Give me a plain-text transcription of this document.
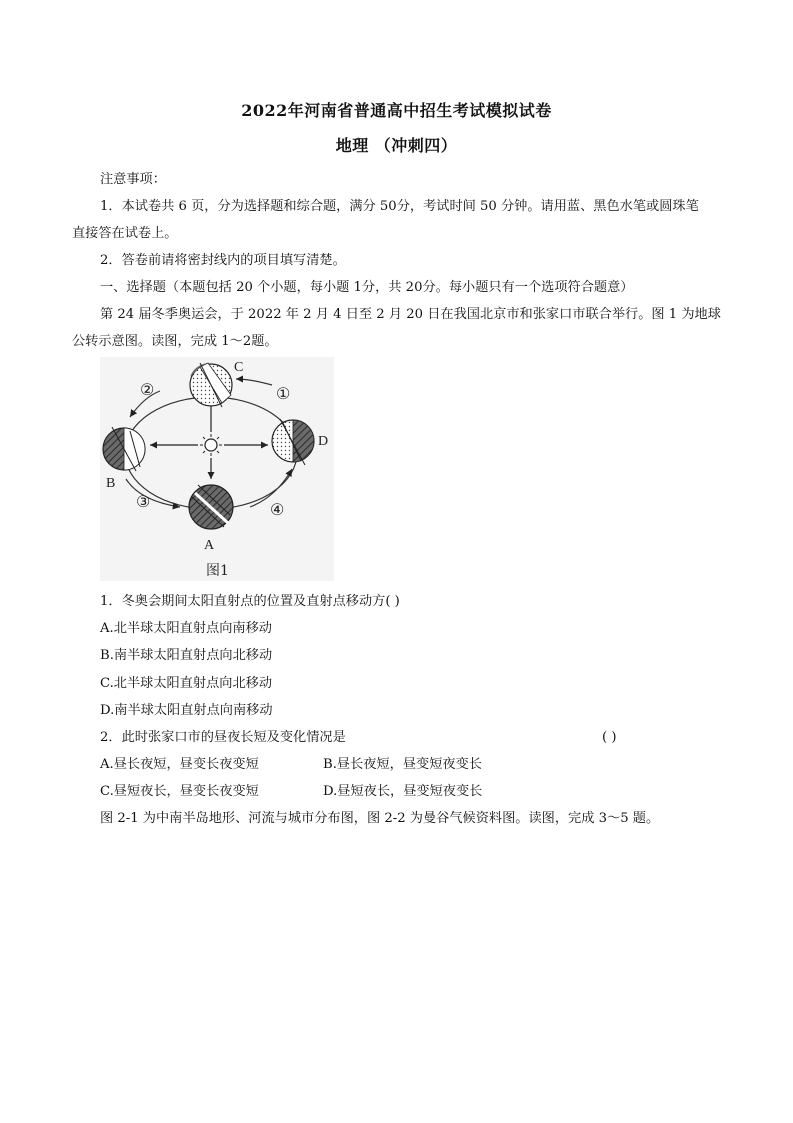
2022年河南省普通高中招生考试模拟试卷
地理 （冲刺四）
注意事项：
1．本试卷共 6 页，分为选择题和综合题，满分 50分，考试时间 50 分钟。请用蓝、黑色水笔或圆珠笔
直接答在试卷上。
2．答卷前请将密封线内的项目填写清楚。
一、选择题（本题包括 20 个小题，每小题 1分，共 20分。每小题只有一个选项符合题意）
第 24 届冬季奥运会，于 2022 年 2 月 4 日至 2 月 20 日在我国北京市和张家口市联合举行。图 1 为地球
公转示意图。读图，完成 1～2题。
C
B
D
A
①
②
③	④
图1
1．冬奥会期间太阳直射点的位置及直射点移动方( )
A.北半球太阳直射点向南移动
B.南半球太阳直射点向北移动
C.北半球太阳直射点向北移动
D.南半球太阳直射点向南移动
2．此时张家口市的昼夜长短及变化情况是	( )
A.昼长夜短，昼变长夜变短	B.昼长夜短，昼变短夜变长
C.昼短夜长，昼变长夜变短	D.昼短夜长，昼变短夜变长
图 2-1 为中南半岛地形、河流与城市分布图，图 2-2 为曼谷气候资料图。读图，完成 3～5 题。
